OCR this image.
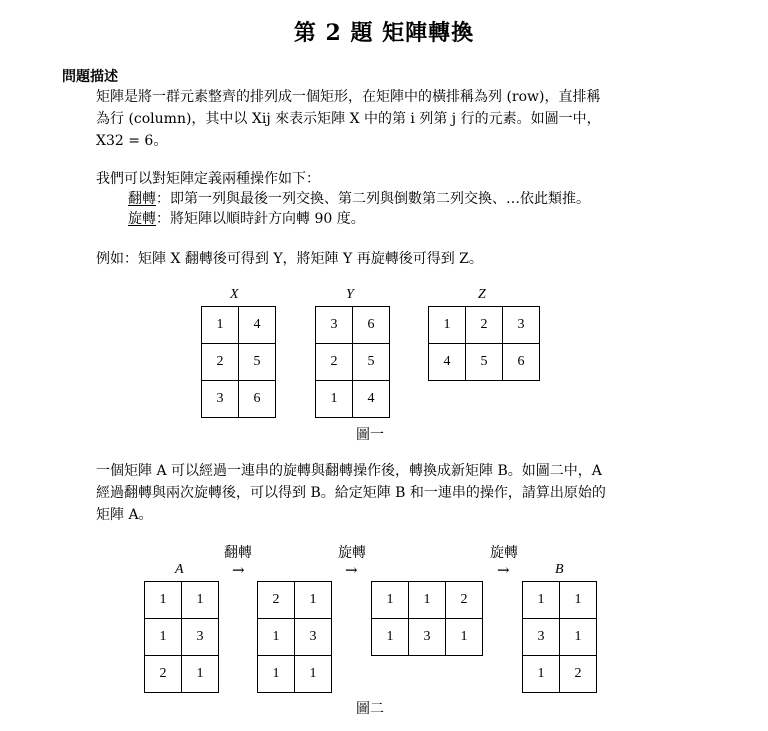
第 2 題 矩陣轉換
問題描述
矩陣是將一群元素整齊的排列成一個矩形，在矩陣中的橫排稱為列 (row)，直排稱
為行 (column)，其中以 Xij 來表示矩陣 X 中的第 i 列第 j 行的元素。如圖一中，
X32 = 6。
我們可以對矩陣定義兩種操作如下：
翻轉：即第一列與最後一列交換、第二列與倒數第二列交換、…依此類推。
旋轉：將矩陣以順時針方向轉 90 度。
例如：矩陣 X 翻轉後可得到 Y，將矩陣 Y 再旋轉後可得到 Z。
X	Y	Z
1	4
2	5
3	6
3	6
2	5
1	4
1	2	3
4	5	6
圖一
一個矩陣 A 可以經過一連串的旋轉與翻轉操作後，轉換成新矩陣 B。如圖二中，A
經過翻轉與兩次旋轉後，可以得到 B。給定矩陣 B 和一連串的操作，請算出原始的
矩陣 A。
翻轉	旋轉	旋轉
A	→	→	→	B
1	1
1	3
2	1
2	1
1	3
1	1
1	1	2
1	3	1
1	1
3	1
1	2
圖二
